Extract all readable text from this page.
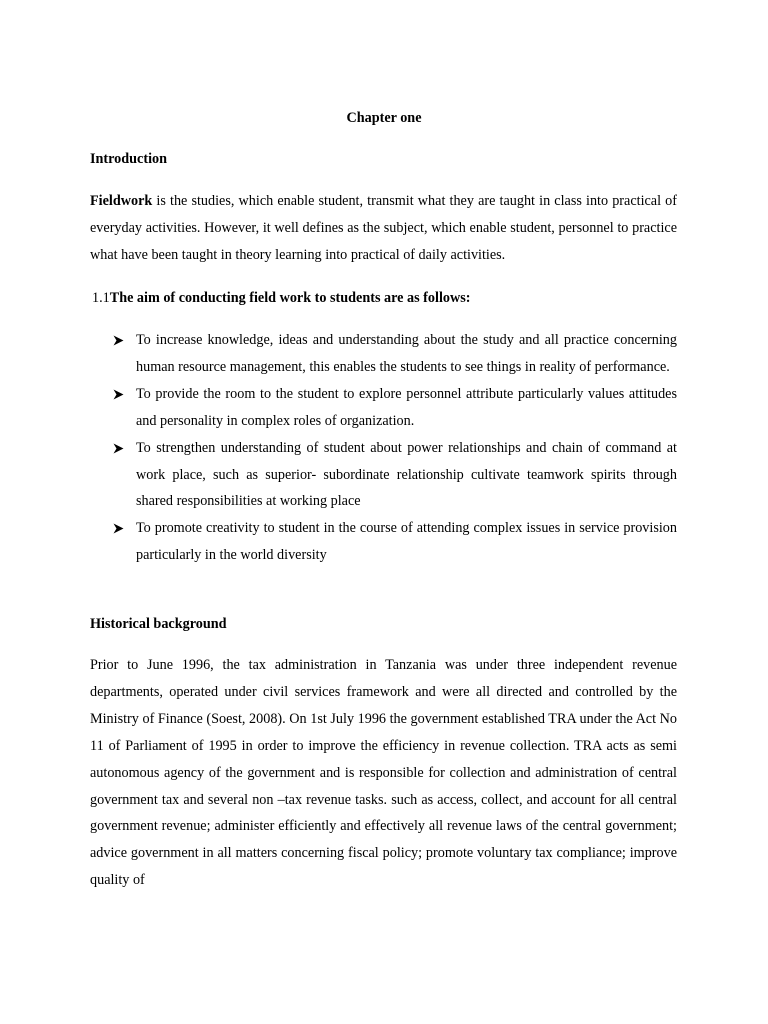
Chapter one
Introduction
Fieldwork is the studies, which enable student, transmit what they are taught in class into practical of everyday activities. However, it well defines as the subject, which enable student, personnel to practice what have been taught in theory learning into practical of daily activities.
1.1The aim of conducting field work to students are as follows:
To increase knowledge, ideas and understanding about the study and all practice concerning human resource management, this enables the students to see things in reality of performance.
To provide the room to the student to explore personnel attribute particularly values attitudes and personality in complex roles of organization.
To strengthen understanding of student about power relationships and chain of command at work place, such as superior- subordinate relationship cultivate teamwork spirits through shared responsibilities at working place
To promote creativity to student in the course of attending complex issues in service provision particularly in the world diversity
Historical background
Prior to June 1996, the tax administration in Tanzania was under three independent revenue departments, operated under civil services framework and were all directed and controlled by the Ministry of Finance (Soest, 2008). On 1st July 1996 the government established TRA under the Act No 11 of Parliament of 1995 in order to improve the efficiency in revenue collection. TRA acts as semi autonomous agency of the government and is responsible for collection and administration of central government tax and several non –tax revenue tasks. such as access, collect, and account for all central government revenue; administer efficiently and effectively all revenue laws of the central government; advice government in all matters concerning fiscal policy; promote voluntary tax compliance; improve quality of
